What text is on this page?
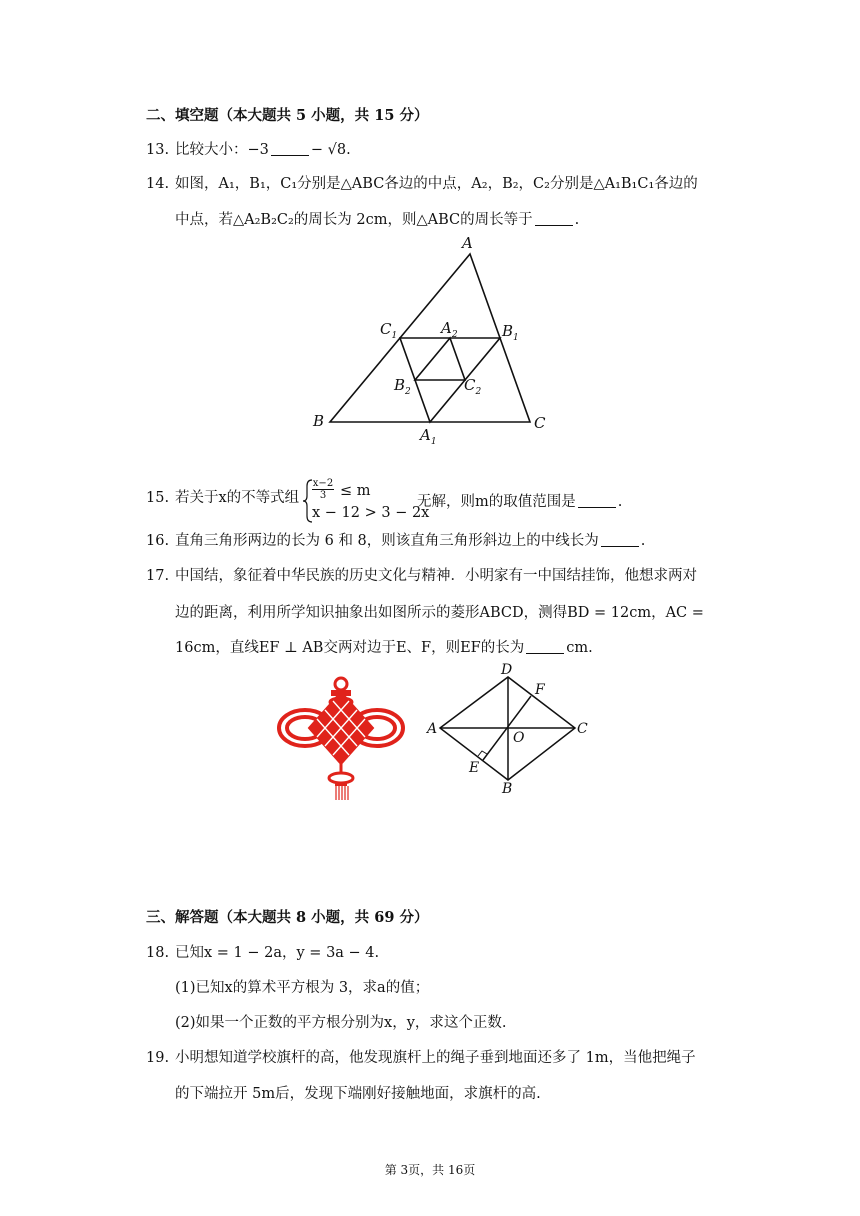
二、填空题（本大题共 5 小题，共 15 分）
13. 比较大小：−3	− √8.
14. 如图，A₁，B₁，C₁分别是△ABC各边的中点，A₂，B₂，C₂分别是△A₁B₁C₁各边的
中点，若△A₂B₂C₂的周长为 2cm，则△ABC的周长等于	.
A
B	C
$C_1$	$B_1$
$A_1$
$A_2$
$B_2$	$C_2$
15. 若关于x的不等式组 $\frac{x-2}{3} \le m$
x − 12 > 3 − 2x
无解，则m的取值范围是	.
16. 直角三角形两边的长为 6 和 8，则该直角三角形斜边上的中线长为	.
17. 中国结，象征着中华民族的历史文化与精神．小明家有一中国结挂饰，他想求两对
边的距离，利用所学知识抽象出如图所示的菱形ABCD，测得BD = 12cm，AC =
16cm，直线EF ⊥ AB交两对边于E、F，则EF的长为	cm.
D
F
A	C
O
E
B
三、解答题（本大题共 8 小题，共 69 分）
18. 已知x = 1 − 2a，y = 3a − 4.
(1)已知x的算术平方根为 3，求a的值；
(2)如果一个正数的平方根分别为x，y，求这个正数.
19. 小明想知道学校旗杆的高，他发现旗杆上的绳子垂到地面还多了 1m，当他把绳子
的下端拉开 5m后，发现下端刚好接触地面，求旗杆的高.
第 3页，共 16页
